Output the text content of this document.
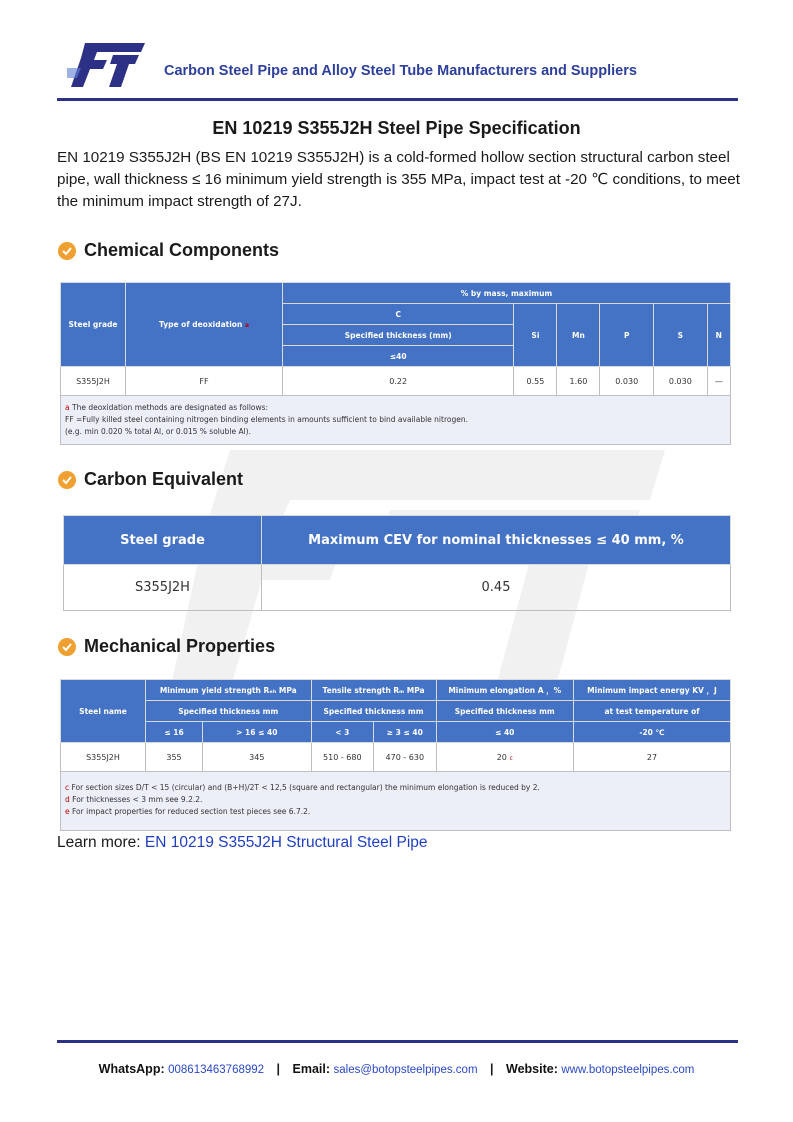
Carbon Steel Pipe and Alloy Steel Tube Manufacturers and Suppliers
EN 10219 S355J2H Steel Pipe Specification
EN 10219 S355J2H (BS EN 10219 S355J2H) is a cold-formed hollow section structural carbon steel pipe, wall thickness ≤ 16 minimum yield strength is 355 MPa, impact test at -20 ℃ conditions, to meet the minimum impact strength of 27J.
Chemical Components
Steel grade	Type of deoxidation a	% by mass, maximum					
		C	Si	Mn	P	S	N
		Specified thickness (mm)					
		≤40					
S355J2H	FF	0.22	0.55	1.60	0.030	0.030	—
a The deoxidation methods are designated as follows:
FF =Fully killed steel containing nitrogen binding elements in amounts sufficient to bind available nitrogen.
(e.g. min 0.020 % total Al, or 0.015 % soluble Al).							
Carbon Equivalent
Steel grade	Maximum CEV for nominal thicknesses ≤ 40 mm, %
S355J2H	0.45
Mechanical Properties
Steel name	Minimum yield strength Rₑₕ MPa		Tensile strength Rₘ MPa		Minimum elongation A ，%	Minimum impact energy KV ，J
	Specified thickness mm		Specified thickness mm		Specified thickness mm	at test temperature of
	≤ 16	> 16 ≤ 40	< 3	≥ 3 ≤ 40	≤ 40	-20 ℃
S355J2H	355	345	510 - 680	470 - 630	20 c	27
c For section sizes D/T < 15 (circular) and (B+H)/2T < 12,5 (square and rectangular) the minimum elongation is reduced by 2.
d For thicknesses < 3 mm see 9.2.2.
e For impact properties for reduced section test pieces see 6.7.2.						
Learn more: EN 10219 S355J2H Structural Steel Pipe
WhatsApp: 008613463768992 | Email: sales@botopsteelpipes.com | Website: www.botopsteelpipes.com
